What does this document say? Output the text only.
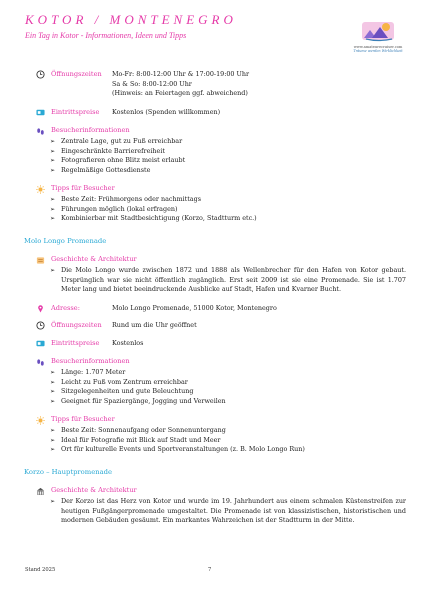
KOTOR / MONTENEGRO
Ein Tag in Kotor - Informationen, Ideen und Tipps
www.amateurecruiser.com
Träume werden Wirklichkeit
Öffnungszeiten Mo-Fr: 8:00-12:00 Uhr & 17:00-19:00 Uhr
Sa & So: 8:00-12:00 Uhr
(Hinweis: an Feiertagen ggf. abweichend)
Eintrittspreise Kostenlos (Spenden willkommen)
Besucherinformationen
➢ Zentrale Lage, gut zu Fuß erreichbar
➢ Eingeschränkte Barrierefreiheit
➢ Fotografieren ohne Blitz meist erlaubt
➢ Regelmäßige Gottesdienste
Tipps für Besucher
➢ Beste Zeit: Frühmorgens oder nachmittags
➢ Führungen möglich (lokal erfragen)
➢ Kombinierbar mit Stadtbesichtigung (Korzo, Stadtturm etc.)
Molo Longo Promenade
Geschichte & Architektur
➢ Die Molo Longo wurde zwischen 1872 und 1888 als Wellenbrecher für den Hafen von Kotor gebaut. Ursprünglich war sie nicht öffentlich zugänglich. Erst seit 2009 ist sie eine Promenade. Sie ist 1.707 Meter lang und bietet beeindruckende Ausblicke auf Stadt, Hafen und Kvarner Bucht.
Adresse:	Molo Longo Promenade, 51000 Kotor, Montenegro
Öffnungszeiten Rund um die Uhr geöffnet
Eintrittspreise Kostenlos
Besucherinformationen
➢ Länge: 1.707 Meter
➢ Leicht zu Fuß vom Zentrum erreichbar
➢ Sitzgelegenheiten und gute Beleuchtung
➢ Geeignet für Spaziergänge, Jogging und Verweilen
Tipps für Besucher
➢ Beste Zeit: Sonnenaufgang oder Sonnenuntergang
➢ Ideal für Fotografie mit Blick auf Stadt und Meer
➢ Ort für kulturelle Events und Sportveranstaltungen (z. B. Molo Longo Run)
Korzo – Hauptpromenade
Geschichte & Architektur
➢ Der Korzo ist das Herz von Kotor und wurde im 19. Jahrhundert aus einem schmalen Küstenstreifen zur heutigen Fußgängerpromenade umgestaltet. Die Promenade ist von klassizistischen, historistischen und modernen Gebäuden gesäumt. Ein markantes Wahrzeichen ist der Stadtturm in der Mitte.
Stand 2025	7
